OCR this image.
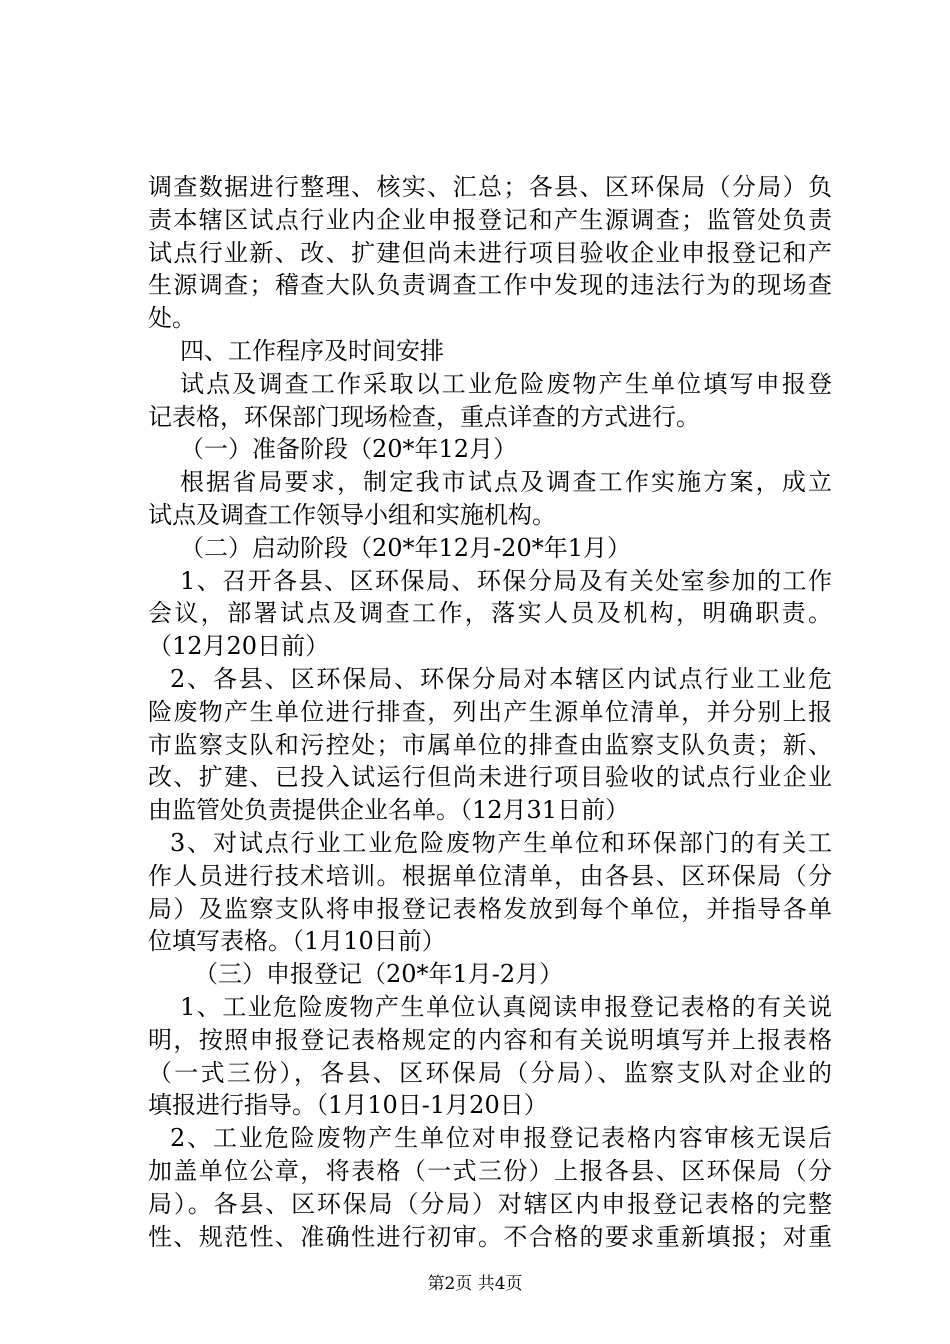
调查数据进行整理、核实、汇总；各县、区环保局（分局）负
责本辖区试点行业内企业申报登记和产生源调查；监管处负责
试点行业新、改、扩建但尚未进行项目验收企业申报登记和产
生源调查；稽查大队负责调查工作中发现的违法行为的现场查
处。
四、工作程序及时间安排
试点及调查工作采取以工业危险废物产生单位填写申报登
记表格，环保部门现场检查，重点详查的方式进行。
（一）准备阶段（20*年12月）
根据省局要求，制定我市试点及调查工作实施方案，成立
试点及调查工作领导小组和实施机构。
（二）启动阶段（20*年12月-20*年1月）
1、召开各县、区环保局、环保分局及有关处室参加的工作
会议，部署试点及调查工作，落实人员及机构，明确职责。
（12月20日前）
2、各县、区环保局、环保分局对本辖区内试点行业工业危
险废物产生单位进行排查，列出产生源单位清单，并分别上报
市监察支队和污控处；市属单位的排查由监察支队负责；新、
改、扩建、已投入试运行但尚未进行项目验收的试点行业企业
由监管处负责提供企业名单。（12月31日前）
3、对试点行业工业危险废物产生单位和环保部门的有关工
作人员进行技术培训。根据单位清单，由各县、区环保局（分
局）及监察支队将申报登记表格发放到每个单位，并指导各单
位填写表格。（1月10日前）
（三）申报登记（20*年1月-2月）
1、工业危险废物产生单位认真阅读申报登记表格的有关说
明，按照申报登记表格规定的内容和有关说明填写并上报表格
（一式三份），各县、区环保局（分局）、监察支队对企业的
填报进行指导。（1月10日-1月20日）
2、工业危险废物产生单位对申报登记表格内容审核无误后
加盖单位公章，将表格（一式三份）上报各县、区环保局（分
局）。各县、区环保局（分局）对辖区内申报登记表格的完整
性、规范性、准确性进行初审。不合格的要求重新填报；对重
第2页 共4页
